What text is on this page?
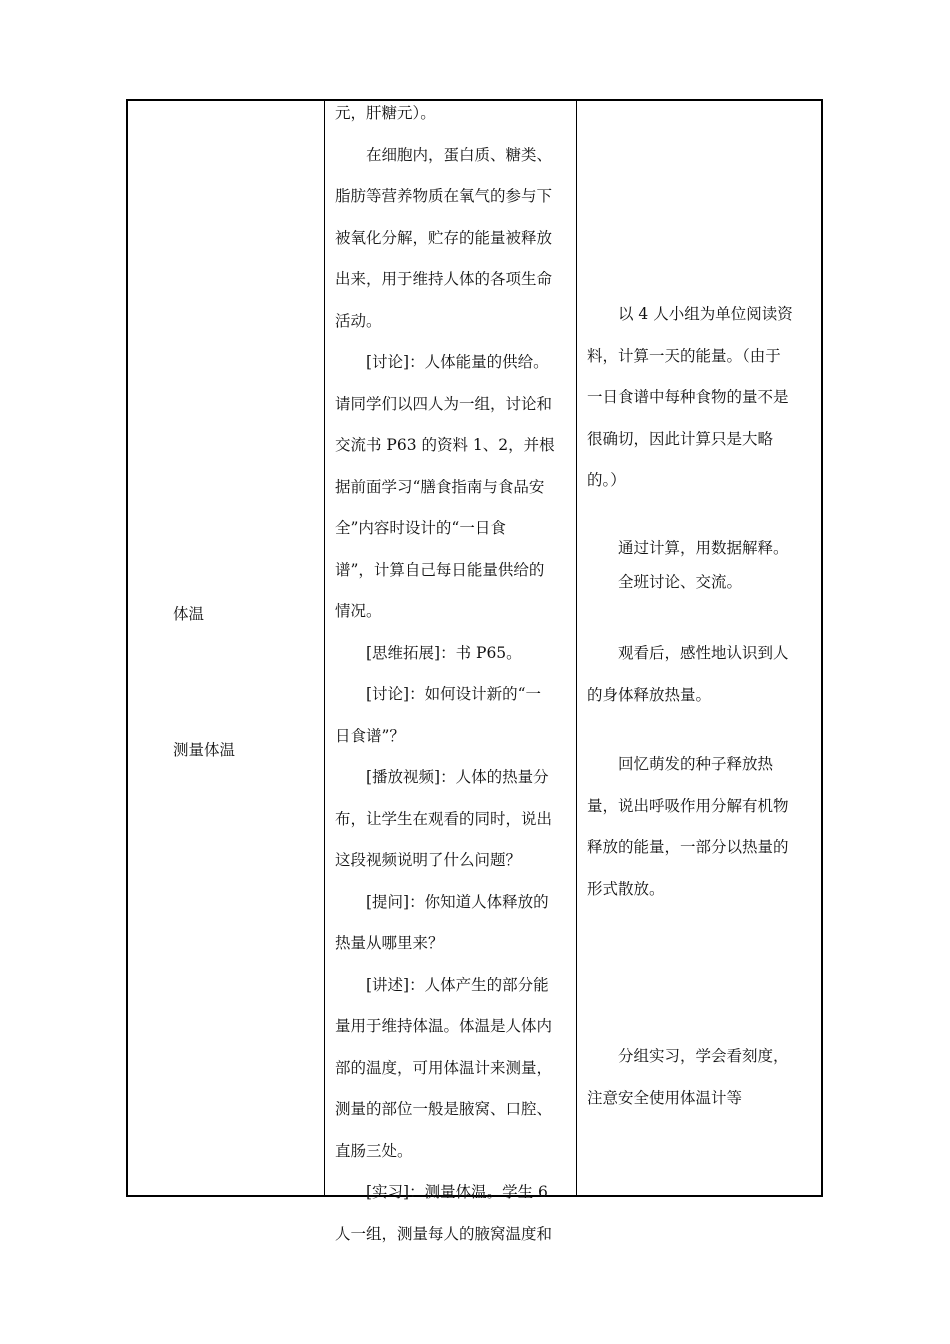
体温
测量体温

元，肝糖元）。

在细胞内，蛋白质、糖类、

脂肪等营养物质在氧气的参与下

被氧化分解，贮存的能量被释放

出来，用于维持人体的各项生命

活动。

[讨论]：人体能量的供给。

请同学们以四人为一组，讨论和

交流书 P63 的资料 1、2，并根

据前面学习“膳食指南与食品安

全”内容时设计的“一日食

谱”，计算自己每日能量供给的

情况。

[思维拓展]：书 P65。

[讨论]：如何设计新的“一

日食谱”？

[播放视频]：人体的热量分

布，让学生在观看的同时，说出

这段视频说明了什么问题？

[提问]：你知道人体释放的

热量从哪里来？

[讲述]：人体产生的部分能

量用于维持体温。体温是人体内

部的温度，可用体温计来测量，

测量的部位一般是腋窝、口腔、

直肠三处。

[实习]：测量体温。学生 6

人一组，测量每人的腋窝温度和

以 4 人小组为单位阅读资

料，计算一天的能量。（由于

一日食谱中每种食物的量不是

很确切，因此计算只是大略

的。）

通过计算，用数据解释。

全班讨论、交流。

观看后，感性地认识到人

的身体释放热量。

回忆萌发的种子释放热

量，说出呼吸作用分解有机物

释放的能量，一部分以热量的

形式散放。

分组实习，学会看刻度，

注意安全使用体温计等
